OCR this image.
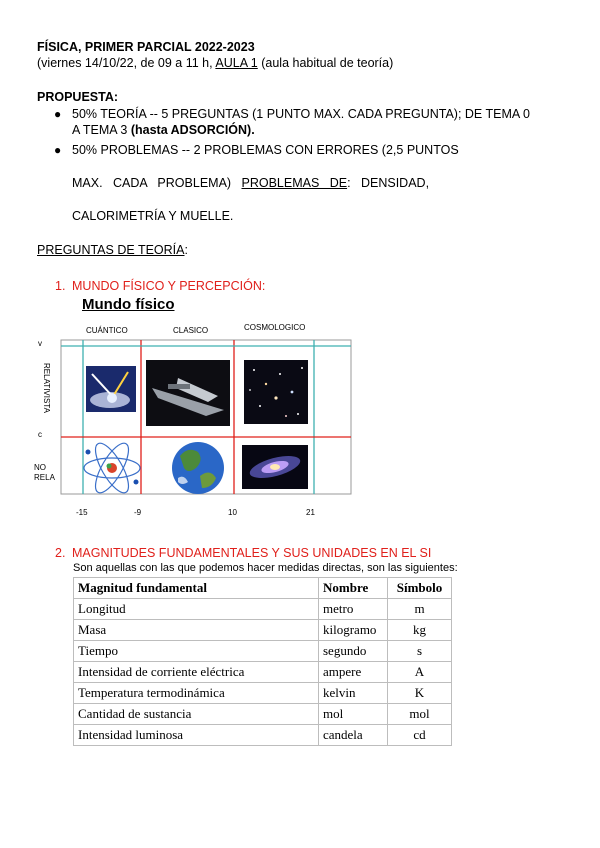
FÍSICA, PRIMER PARCIAL 2022-2023
(viernes 14/10/22, de 09 a 11 h, AULA 1 (aula habitual de teoría)
PROPUESTA:
● 50% TEORÍA -- 5 PREGUNTAS (1 PUNTO MAX. CADA PREGUNTA); DE TEMA 0
A TEMA 3 (hasta ADSORCIÓN).
● 50% PROBLEMAS -- 2 PROBLEMAS CON ERRORES (2,5 PUNTOS
MAX.   CADA   PROBLEMA)   PROBLEMAS   DE:   DENSIDAD,
CALORIMETRÍA Y MUELLE.
PREGUNTAS DE TEORÍA:
1. MUNDO FÍSICO Y PERCEPCIÓN:
Mundo físico
CUÁNTICO	CLASICO	COSMOLOGICO
v
RELATIVISTA
c
NO
RELA
-15	-9	10	21
2. MAGNITUDES FUNDAMENTALES Y SUS UNIDADES EN EL SI
Son aquellas con las que podemos hacer medidas directas, son las siguientes:
Magnitud fundamental	Nombre	Símbolo
Longitud	metro	m
Masa	kilogramo	kg
Tiempo	segundo	s
Intensidad de corriente eléctrica	ampere	A
Temperatura termodinámica	kelvin	K
Cantidad de sustancia	mol	mol
Intensidad luminosa	candela	cd
